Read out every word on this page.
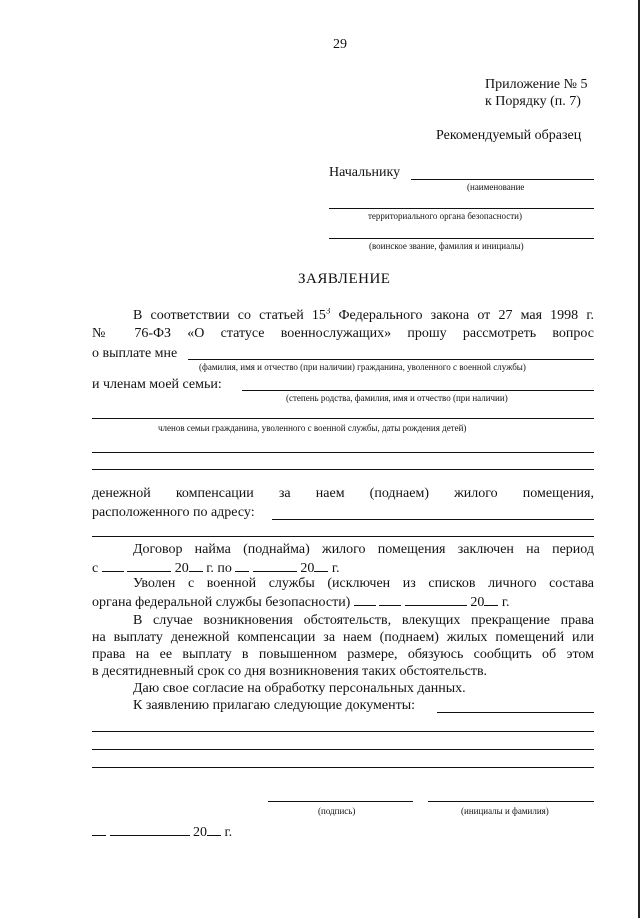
29
Приложение № 5
к Порядку (п. 7)
Рекомендуемый образец
Начальнику
(наименование
территориального органа безопасности)
(воинское звание, фамилия и инициалы)
ЗАЯВЛЕНИЕ
В соответствии со статьей $15^3$ Федерального закона от 27 мая 1998 г.
№ 76-ФЗ «О статусе военнослужащих» прошу рассмотреть вопрос
о выплате мне
(фамилия, имя и отчество (при наличии) гражданина, уволенного с военной службы)
и членам моей семьи:
(степень родства, фамилия, имя и отчество (при наличии)
членов семьи гражданина, уволенного с военной службы, даты рождения детей)
денежной компенсации за наем (поднаем) жилого помещения,
расположенного по адресу:
Договор найма (поднайма) жилого помещения заключен на период
с	20 г. по	20 г.
Уволен с военной службы (исключен из списков личного состава
органа федеральной службы безопасности)	20 г.
В случае возникновения обстоятельств, влекущих прекращение права
на выплату денежной компенсации за наем (поднаем) жилых помещений или
права на ее выплату в повышенном размере, обязуюсь сообщить об этом
в десятидневный срок со дня возникновения таких обстоятельств.
Даю свое согласие на обработку персональных данных.
К заявлению прилагаю следующие документы:
(подпись)	(инициалы и фамилия)
20 г.
